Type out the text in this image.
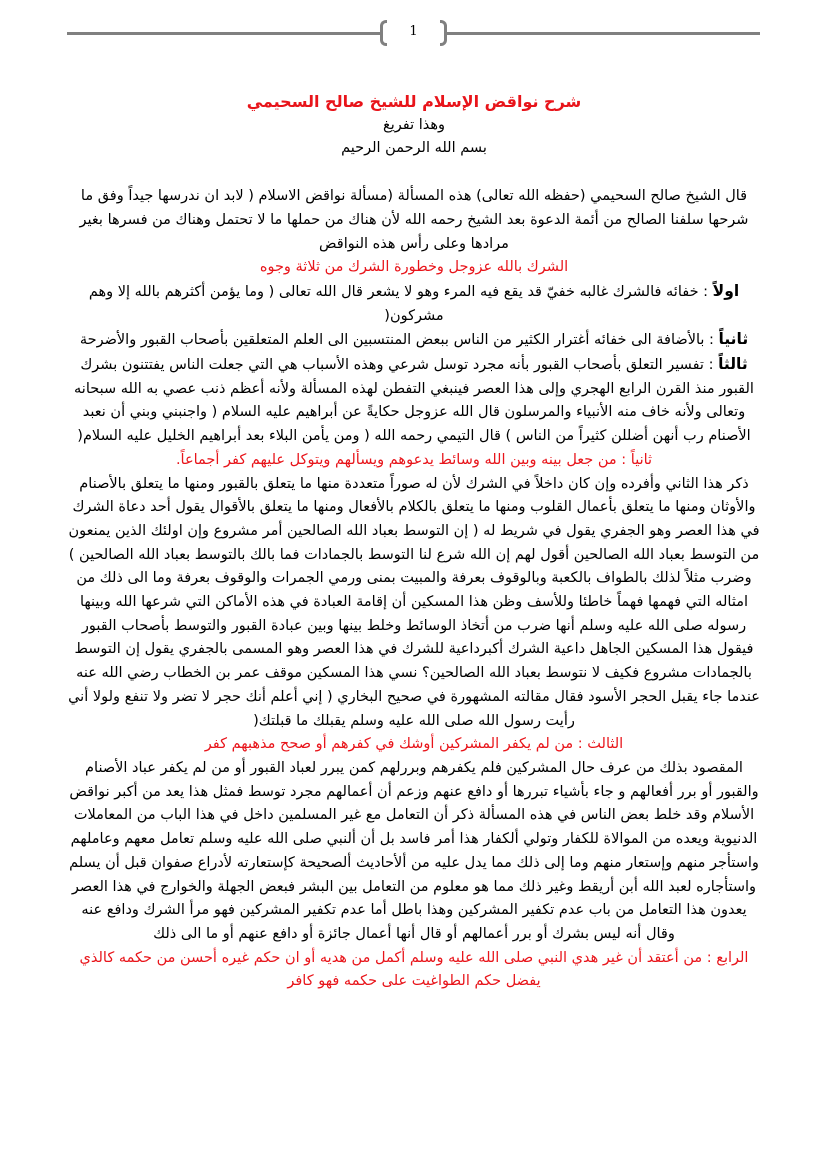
1

شرح نواقض الإسلام للشيخ صالح السحيمي

وهذا تفريغ

بسم الله الرحمن الرحيم

قال الشيخ صالح السحيمي (حفظه الله تعالى) هذه المسألة (مسألة نواقض الاسلام ( لابد ان ندرسها جيداً وفق ما شرحها سلفنا الصالح من أئمة الدعوة بعد الشيخ رحمه الله لأن هناك من حملها ما لا تحتمل وهناك من فسرها بغير مرادها وعلى رأس هذه النواقض

الشرك بالله عزوجل وخطورة الشرك من ثلاثة وجوه

اولاً : خفائه فالشرك غالبه خفيّ قد يقع فيه المرء وهو لا يشعر قال الله تعالى ( وما يؤمن أكثرهم بالله إلا وهم مشركون(

ثانياً : بالأضافة الى خفائه أغترار الكثير من الناس ببعض المنتسبين الى العلم المتعلقين بأصحاب القبور والأضرحة

ثالثاً : تفسير التعلق بأصحاب القبور بأنه مجرد توسل شرعي وهذه الأسباب هي التي جعلت الناس يفتتنون بشرك القبور منذ القرن الرابع الهجري وإلى هذا العصر فينبغي التفطن لهذه المسألة ولأنه أعظم ذنب عصي به الله سبحانه وتعالى ولأنه خاف منه الأنبياء والمرسلون قال الله عزوجل حكايةً عن أبراهيم عليه السلام ( واجنبني وبني أن نعبد الأصنام رب أنهن أضللن كثيراً من الناس ) قال التيمي رحمه الله ( ومن يأمن البلاء بعد أبراهيم الخليل عليه السلام(

ثانياً : من جعل بينه وبين الله وسائط يدعوهم ويسألهم ويتوكل عليهم كفر أجماعاً.

ذكر هذا الثاني وأفرده وإن كان داخلاً في الشرك لأن له صوراً متعددة منها ما يتعلق بالقبور ومنها ما يتعلق بالأصنام والأوثان ومنها ما يتعلق بأعمال القلوب ومنها ما يتعلق بالكلام بالأفعال ومنها ما يتعلق بالأقوال يقول أحد دعاة الشرك في هذا العصر وهو الجفري يقول في شريط له ( إن التوسط بعباد الله الصالحين أمر مشروع وإن اولئك الذين يمنعون من التوسط بعباد الله الصالحين أقول لهم إن الله شرع لنا التوسط بالجمادات فما بالك بالتوسط بعباد الله الصالحين ) وضرب مثلاً لذلك بالطواف بالكعبة وبالوقوف بعرفة والمبيت بمنى ورمي الجمرات والوقوف بعرفة وما الى ذلك من امثاله التي فهمها فهماً خاطئا وللأسف وظن هذا المسكين أن إقامة العبادة في هذه الأماكن التي شرعها الله وبينها رسوله صلى الله عليه وسلم أنها ضرب من أتخاذ الوسائط وخلط بينها وبين عبادة القبور والتوسط بأصحاب القبور فيقول هذا المسكين الجاهل داعية الشرك أكبرداعية للشرك في هذا العصر وهو المسمى بالجفري يقول إن التوسط بالجمادات مشروع فكيف لا نتوسط بعباد الله الصالحين؟ نسي هذا المسكين موقف عمر بن الخطاب رضي الله عنه عندما جاء يقبل الحجر الأسود فقال مقالته المشهورة في صحيح البخاري ( إني أعلم أنك حجر لا تضر ولا تنفع ولولا أني رأيت رسول الله صلى الله عليه وسلم يقبلك ما قبلتك(

الثالث : من لم يكفر المشركين أوشك في كفرهم أو صحح مذهبهم كفر

المقصود بذلك من عرف حال المشركين فلم يكفرهم وبررلهم كمن يبرر لعباد القبور أو من لم يكفر عباد الأصنام والقبور أو برر أفعالهم و جاء بأشياء تبررها أو دافع عنهم وزعم أن أعمالهم مجرد توسط فمثل هذا يعد من أكبر نواقض الأسلام وقد خلط بعض الناس في هذه المسألة ذكر أن التعامل مع غير المسلمين داخل في هذا الباب من المعاملات الدنيوية ويعده من الموالاة للكفار وتولي ألكفار هذا أمر فاسد بل أن ألنبي صلى الله عليه وسلم تعامل معهم وعاملهم واستأجر منهم وإستعار منهم وما إلى ذلك مما يدل عليه من ألأحاديث ألصحيحة كإستعارته لأدراع صفوان قبل أن يسلم واستأجاره لعبد الله أبن أريقط وغير ذلك مما هو معلوم من التعامل بين البشر فبعض الجهلة والخوارج في هذا العصر يعدون هذا التعامل من باب عدم تكفير المشركين وهذا باطل أما عدم تكفير المشركين فهو مرأ الشرك ودافع عنه وقال أنه ليس بشرك أو برر أعمالهم أو قال أنها أعمال جائزة أو دافع عنهم أو ما الى ذلك

الرابع : من أعتقد أن غير هدي النبي صلى الله عليه وسلم أكمل من هديه أو ان حكم غيره أحسن من حكمه كالذي يفضل حكم الطواغيت على حكمه فهو كافر
